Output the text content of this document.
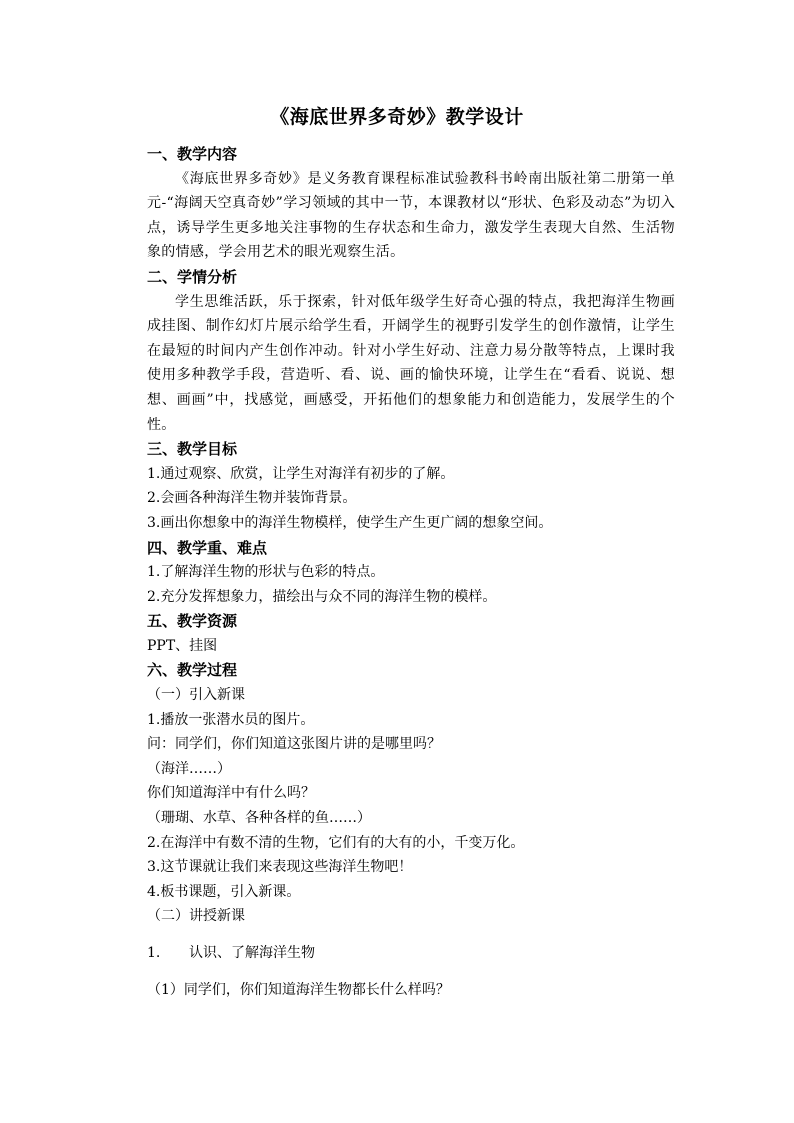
《海底世界多奇妙》教学设计

一、教学内容

《海底世界多奇妙》是义务教育课程标准试验教科书岭南出版社第二册第一单元-“海阔天空真奇妙”学习领域的其中一节，本课教材以“形状、色彩及动态”为切入点，诱导学生更多地关注事物的生存状态和生命力，激发学生表现大自然、生活物象的情感，学会用艺术的眼光观察生活。

二、学情分析

学生思维活跃，乐于探索，针对低年级学生好奇心强的特点，我把海洋生物画成挂图、制作幻灯片展示给学生看，开阔学生的视野引发学生的创作激情，让学生在最短的时间内产生创作冲动。针对小学生好动、注意力易分散等特点，上课时我使用多种教学手段，营造听、看、说、画的愉快环境，让学生在“看看、说说、想想、画画”中，找感觉，画感受，开拓他们的想象能力和创造能力，发展学生的个性。

三、教学目标

1.通过观察、欣赏，让学生对海洋有初步的了解。

2.会画各种海洋生物并装饰背景。

3.画出你想象中的海洋生物模样，使学生产生更广阔的想象空间。

四、教学重、难点

1.了解海洋生物的形状与色彩的特点。

2.充分发挥想象力，描绘出与众不同的海洋生物的模样。

五、教学资源

PPT、挂图

六、教学过程

（一）引入新课

1.播放一张潜水员的图片。

问：同学们，你们知道这张图片讲的是哪里吗？

（海洋……）

你们知道海洋中有什么吗？

（珊瑚、水草、各种各样的鱼……）

2.在海洋中有数不清的生物，它们有的大有的小，千变万化。

3.这节课就让我们来表现这些海洋生物吧！

4.板书课题，引入新课。

（二）讲授新课

1. 认识、了解海洋生物

（1）同学们，你们知道海洋生物都长什么样吗？
